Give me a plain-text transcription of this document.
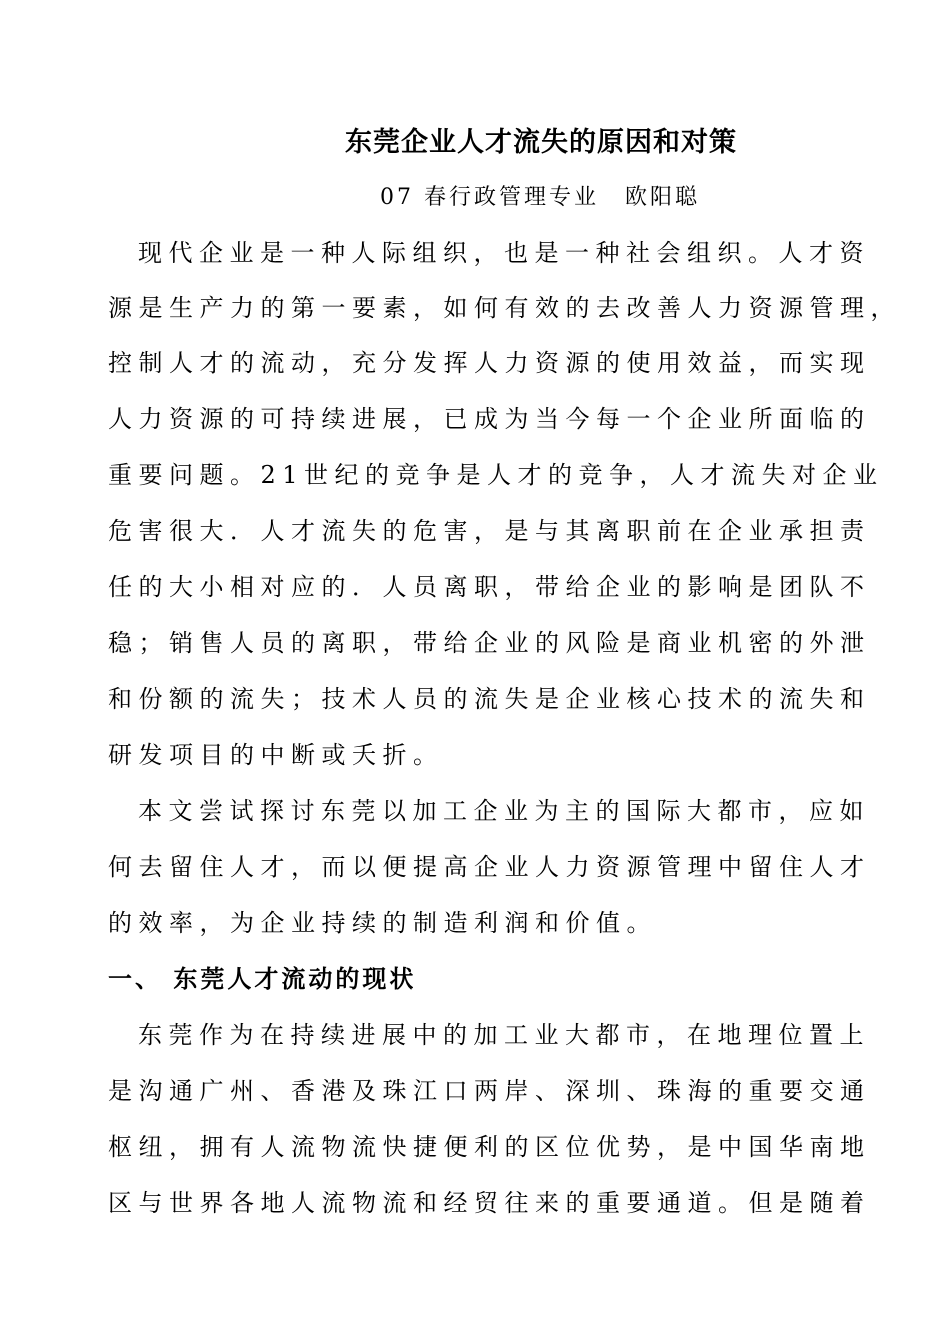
东莞企业人才流失的原因和对策
07 春行政管理专业 欧阳聪
现代企业是一种人际组织，也是一种社会组织。人才资
源是生产力的第一要素，如何有效的去改善人力资源管理，
控制人才的流动，充分发挥人力资源的使用效益，而实现
人力资源的可持续进展，已成为当今每一个企业所面临的
重要问题。21世纪的竞争是人才的竞争，人才流失对企业
危害很大．人才流失的危害，是与其离职前在企业承担责
任的大小相对应的．人员离职，带给企业的影响是团队不
稳；销售人员的离职，带给企业的风险是商业机密的外泄
和份额的流失；技术人员的流失是企业核心技术的流失和
研发项目的中断或夭折。
本文尝试探讨东莞以加工企业为主的国际大都市，应如
何去留住人才，而以便提高企业人力资源管理中留住人才
的效率，为企业持续的制造利润和价值。
一、 东莞人才流动的现状
东莞作为在持续进展中的加工业大都市，在地理位置上
是沟通广州、香港及珠江口两岸、深圳、珠海的重要交通
枢纽，拥有人流物流快捷便利的区位优势，是中国华南地
区与世界各地人流物流和经贸往来的重要通道。但是随着
